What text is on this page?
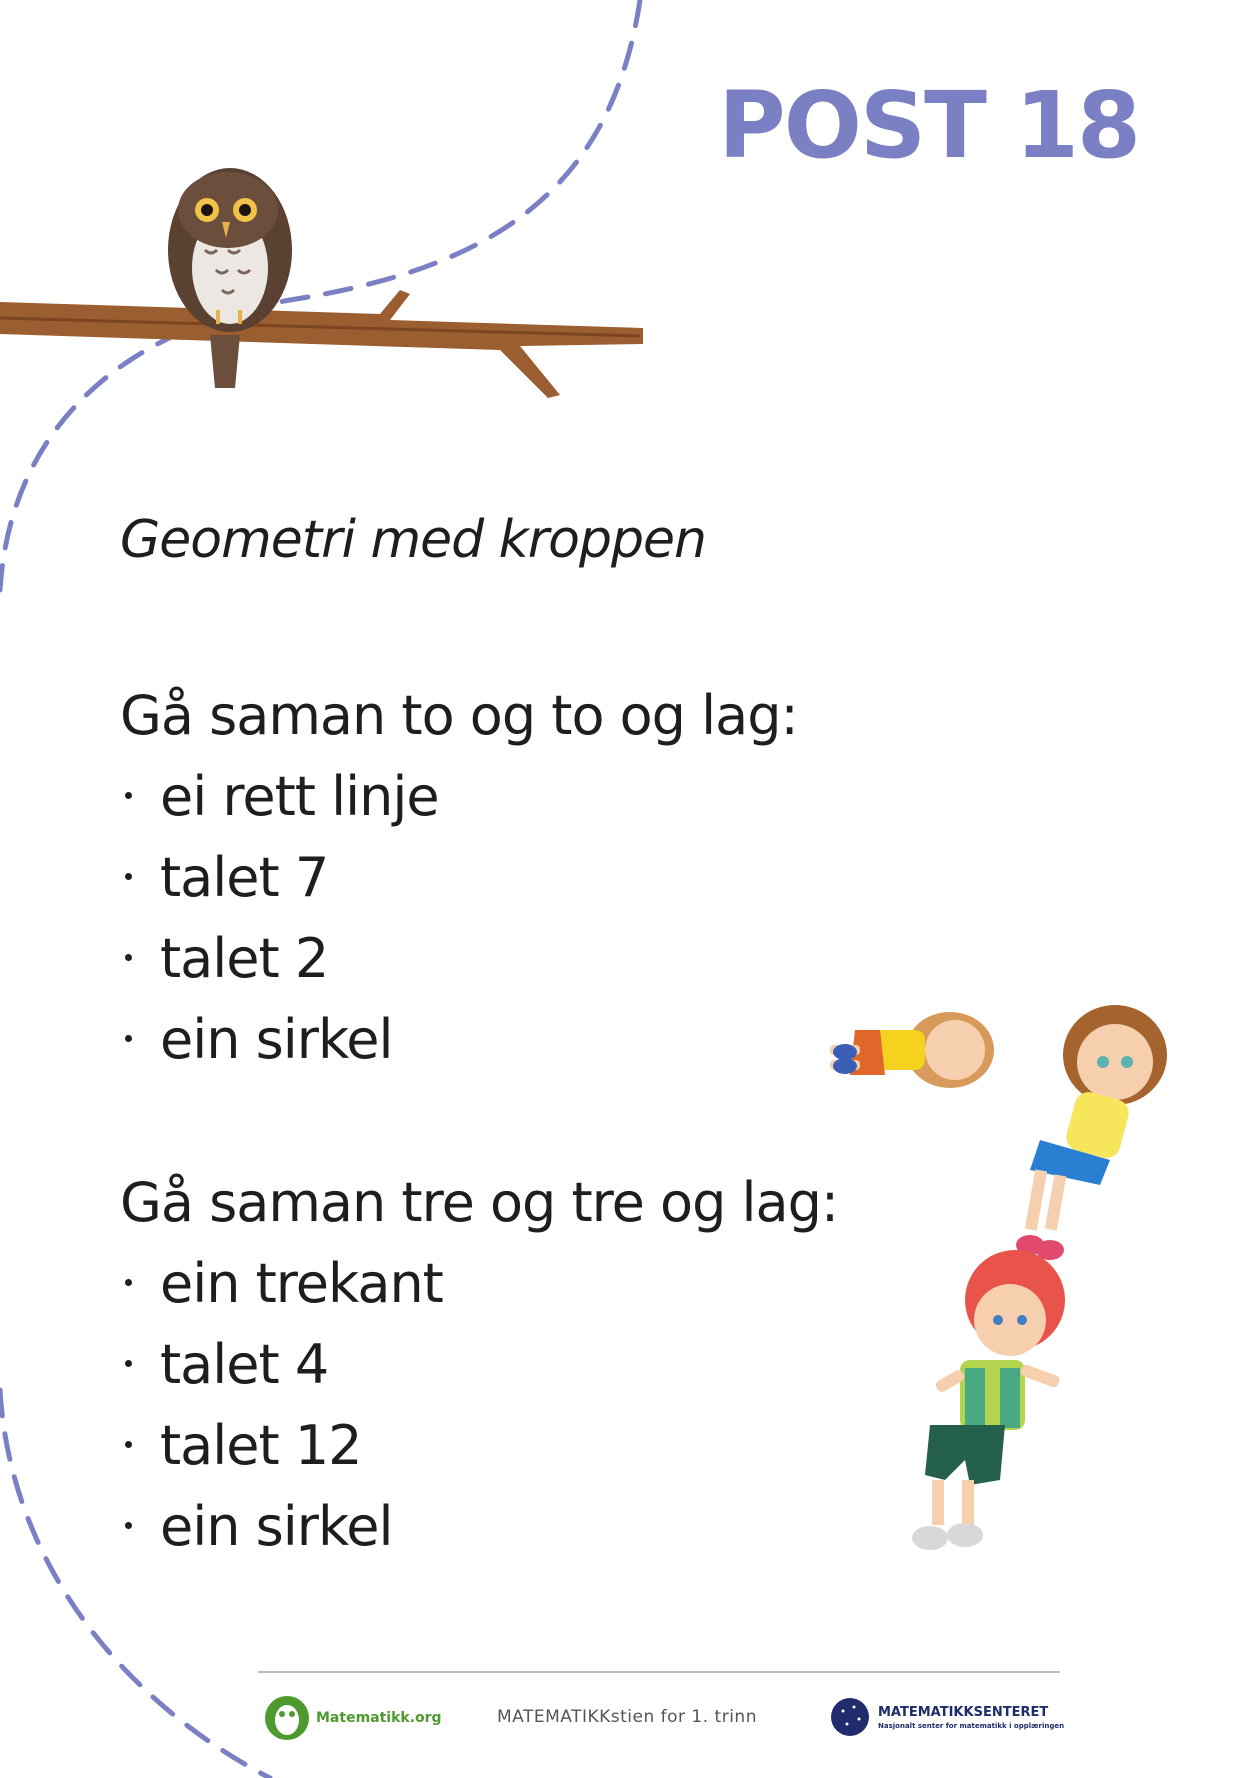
POST 18
Geometri med kroppen
Gå saman to og to og lag:
ei rett linje
talet 7
talet 2
ein sirkel
Gå saman tre og tre og lag:
ein trekant
talet 4
talet 12
ein sirkel
Matematikk.org	MATEMATIKKstien for 1. trinn	MATEMATIKKSENTERET
Nasjonalt senter for matematikk i opplæringen
